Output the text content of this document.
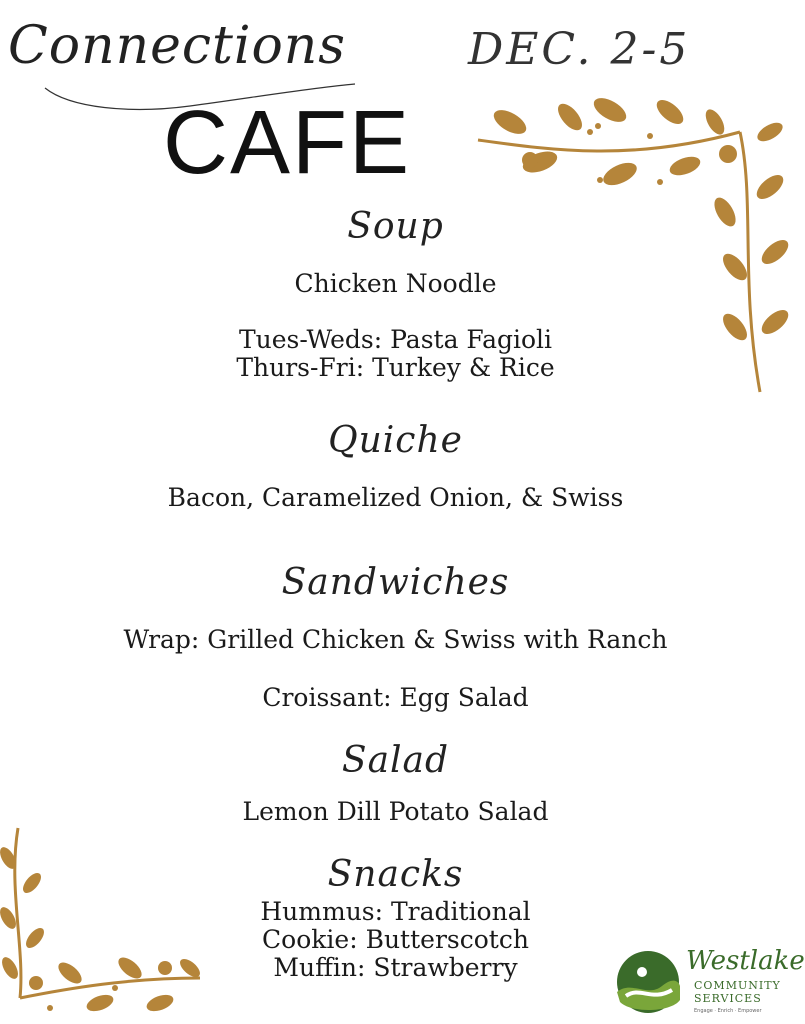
Connections
CAFE
DEC. 2-5
Soup
Chicken Noodle
Tues-Weds: Pasta Fagioli
Thurs-Fri: Turkey & Rice
Quiche
Bacon, Caramelized Onion, & Swiss
Sandwiches
Wrap: Grilled Chicken & Swiss with Ranch
Croissant: Egg Salad
Salad
Lemon Dill Potato Salad
Snacks
Hummus: Traditional
Cookie: Butterscotch
Muffin: Strawberry	Westlake
COMMUNITY
SERVICES
Engage · Enrich · Empower
